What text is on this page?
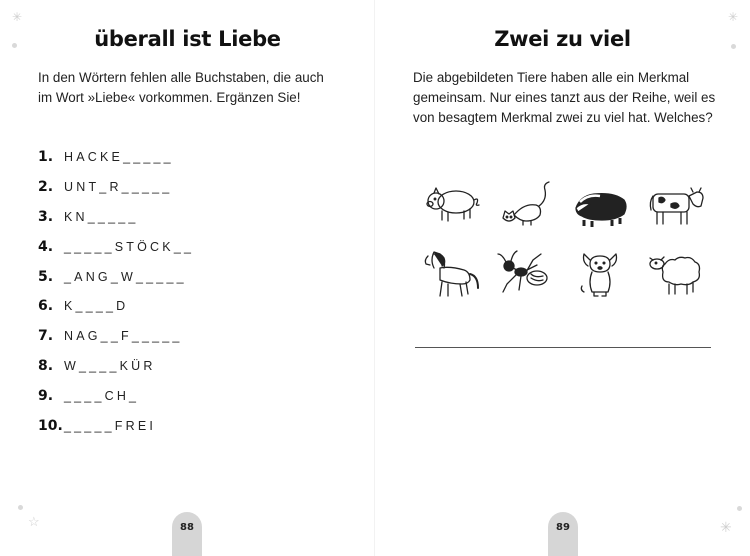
✳
☆
überall ist Liebe
In den Wörtern fehlen alle Buchstaben, die auch im Wort »Liebe« vorkommen. Ergänzen Sie!
1. HACKE_____
2. UNT_R_____
3. KN_____
4. _____STÖCK__
5. _ANG_W_____
6. K____D
7. NAG__F_____
8. W____KÜR
9. ____CH_
10. _____FREI
88
✳
✳
Zwei zu viel
Die abgebildeten Tiere haben alle ein Merkmal gemeinsam. Nur eines tanzt aus der Reihe, weil es von besagtem Merkmal zwei zu viel hat. Welches?
89
